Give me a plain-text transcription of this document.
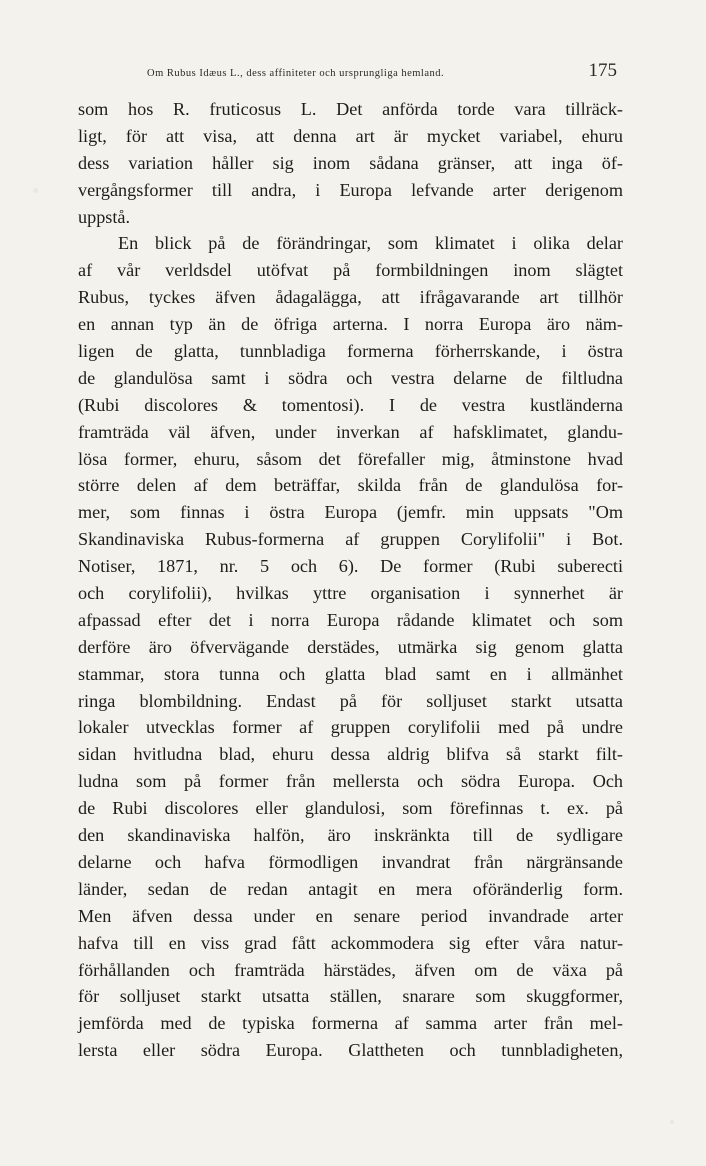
Om Rubus Idæus L., dess affiniteter och ursprungliga hemland.	175
som hos R. fruticosus L. Det anförda torde vara tillräck-
ligt, för att visa, att denna art är mycket variabel, ehuru
dess variation håller sig inom sådana gränser, att inga öf-
vergångsformer till andra, i Europa lefvande arter derigenom
uppstå.
En blick på de förändringar, som klimatet i olika delar
af vår verldsdel utöfvat på formbildningen inom slägtet
Rubus, tyckes äfven ådagalägga, att ifrågavarande art tillhör
en annan typ än de öfriga arterna. I norra Europa äro näm-
ligen de glatta, tunnbladiga formerna förherrskande, i östra
de glandulösa samt i södra och vestra delarne de filtludna
(Rubi discolores & tomentosi). I de vestra kustländerna
framträda väl äfven, under inverkan af hafsklimatet, glandu-
lösa former, ehuru, såsom det förefaller mig, åtminstone hvad
större delen af dem beträffar, skilda från de glandulösa for-
mer, som finnas i östra Europa (jemfr. min uppsats "Om
Skandinaviska Rubus-formerna af gruppen Corylifolii" i Bot.
Notiser, 1871, nr. 5 och 6). De former (Rubi suberecti
och corylifolii), hvilkas yttre organisation i synnerhet är
afpassad efter det i norra Europa rådande klimatet och som
derföre äro öfvervägande derstädes, utmärka sig genom glatta
stammar, stora tunna och glatta blad samt en i allmänhet
ringa blombildning. Endast på för solljuset starkt utsatta
lokaler utvecklas former af gruppen corylifolii med på undre
sidan hvitludna blad, ehuru dessa aldrig blifva så starkt filt-
ludna som på former från mellersta och södra Europa. Och
de Rubi discolores eller glandulosi, som förefinnas t. ex. på
den skandinaviska halfön, äro inskränkta till de sydligare
delarne och hafva förmodligen invandrat från närgränsande
länder, sedan de redan antagit en mera oföränderlig form.
Men äfven dessa under en senare period invandrade arter
hafva till en viss grad fått ackommodera sig efter våra natur-
förhållanden och framträda härstädes, äfven om de växa på
för solljuset starkt utsatta ställen, snarare som skuggformer,
jemförda med de typiska formerna af samma arter från mel-
lersta eller södra Europa. Glattheten och tunnbladigheten,
